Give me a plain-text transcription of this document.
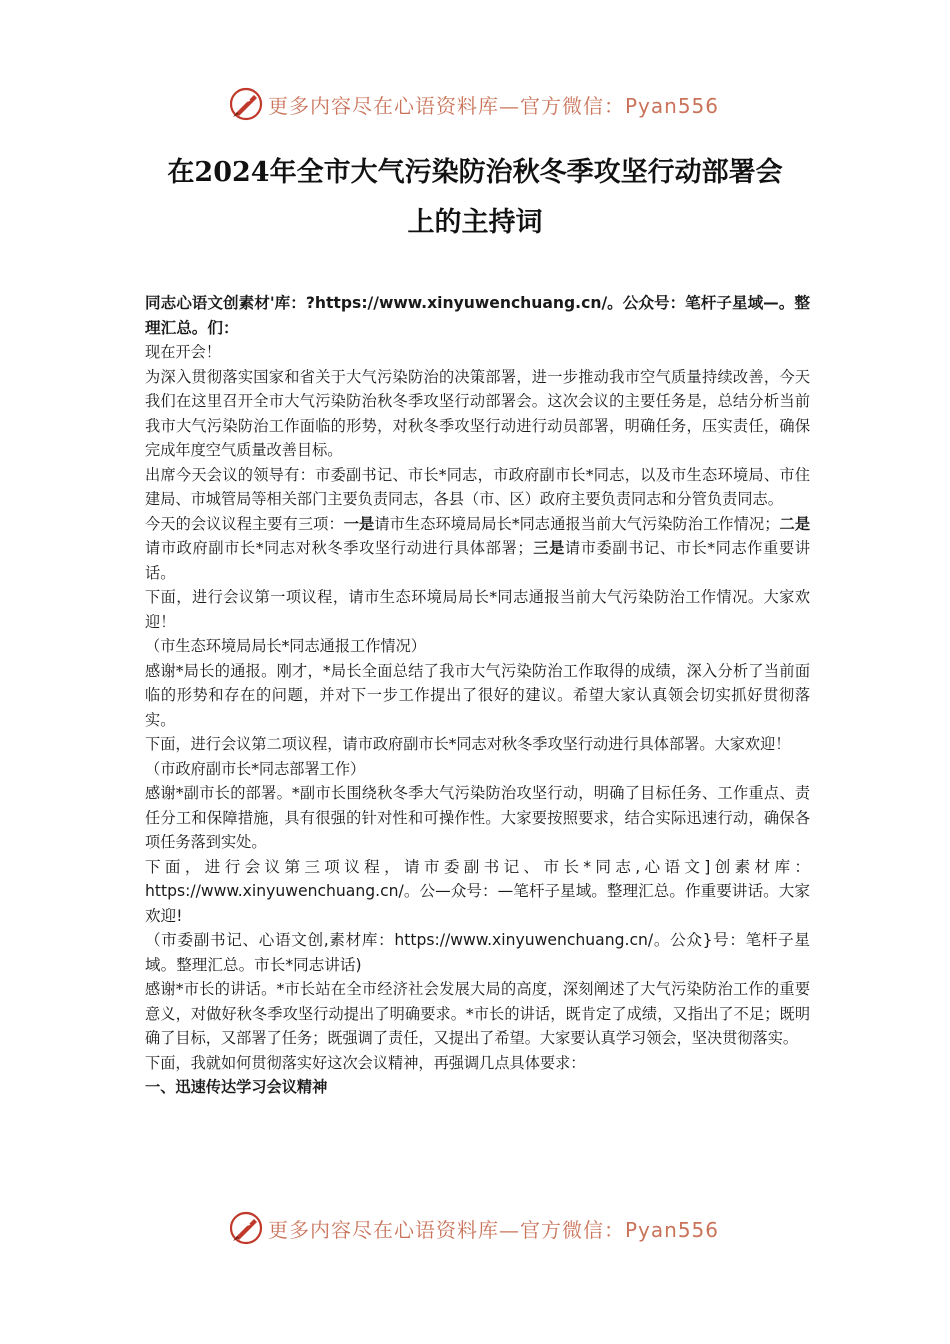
更多内容尽在心语资料库—官方微信：Pyan556
在2024年全市大气污染防治秋冬季攻坚行动部署会
上的主持词

同志心语文创素材'库：?https://www.xinyuwenchuang.cn/。公众号：笔杆子星域—。整理汇总。们：

现在开会！

为深入贯彻落实国家和省关于大气污染防治的决策部署，进一步推动我市空气质量持续改善，今天我们在这里召开全市大气污染防治秋冬季攻坚行动部署会。这次会议的主要任务是，总结分析当前我市大气污染防治工作面临的形势，对秋冬季攻坚行动进行动员部署，明确任务，压实责任，确保完成年度空气质量改善目标。

出席今天会议的领导有：市委副书记、市长*同志，市政府副市长*同志，以及市生态环境局、市住建局、市城管局等相关部门主要负责同志，各县（市、区）政府主要负责同志和分管负责同志。

今天的会议议程主要有三项：一是请市生态环境局局长*同志通报当前大气污染防治工作情况；二是请市政府副市长*同志对秋冬季攻坚行动进行具体部署；三是请市委副书记、市长*同志作重要讲话。

下面，进行会议第一项议程，请市生态环境局局长*同志通报当前大气污染防治工作情况。大家欢迎！

（市生态环境局局长*同志通报工作情况）

感谢*局长的通报。刚才，*局长全面总结了我市大气污染防治工作取得的成绩，深入分析了当前面临的形势和存在的问题，并对下一步工作提出了很好的建议。希望大家认真领会切实抓好贯彻落实。

下面，进行会议第二项议程，请市政府副市长*同志对秋冬季攻坚行动进行具体部署。大家欢迎！

（市政府副市长*同志部署工作）

感谢*副市长的部署。*副市长围绕秋冬季大气污染防治攻坚行动，明确了目标任务、工作重点、责任分工和保障措施，具有很强的针对性和可操作性。大家要按照要求，结合实际迅速行动，确保各项任务落到实处。

下面，进行会议第三项议程，请市委副书记、市长*同志,心语文]创素材库：https://www.xinyuwenchuang.cn/。公—众号：—笔杆子星域。整理汇总。作重要讲话。大家欢迎!

（市委副书记、心语文创,素材库：https://www.xinyuwenchuang.cn/。公众}号：笔杆子星域。整理汇总。市长*同志讲话)

感谢*市长的讲话。*市长站在全市经济社会发展大局的高度，深刻阐述了大气污染防治工作的重要意义，对做好秋冬季攻坚行动提出了明确要求。*市长的讲话，既肯定了成绩，又指出了不足；既明确了目标，又部署了任务；既强调了责任，又提出了希望。大家要认真学习领会，坚决贯彻落实。

下面，我就如何贯彻落实好这次会议精神，再强调几点具体要求：

一、迅速传达学习会议精神

更多内容尽在心语资料库—官方微信：Pyan556
